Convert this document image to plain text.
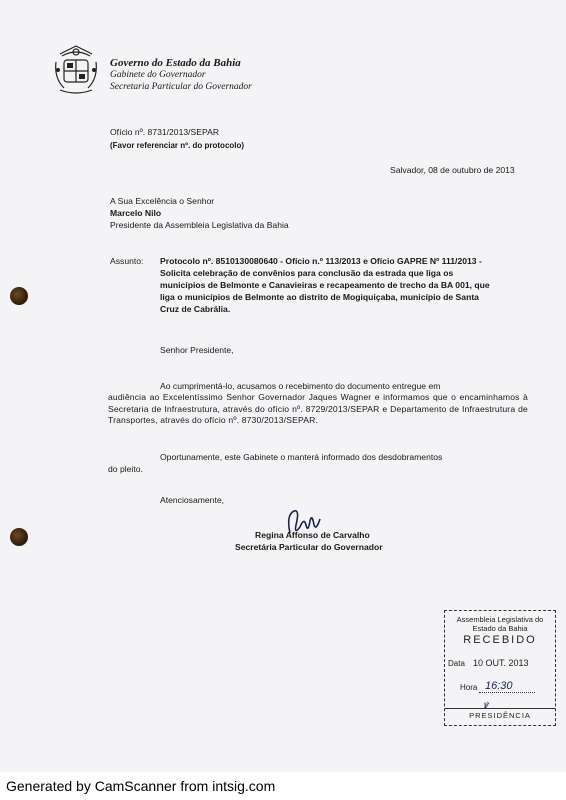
Governo do Estado da Bahia
Gabinete do Governador
Secretaria Particular do Governador
Ofício nº. 8731/2013/SEPAR
(Favor referenciar nº. do protocolo)
Salvador, 08 de outubro de 2013
A Sua Excelência o Senhor
Marcelo Nilo
Presidente da Assembleia Legislativa da Bahia
Assunto: Protocolo nº. 8510130080640 - Ofício n.º 113/2013 e Ofício GAPRE Nº 111/2013 -
Solicita celebração de convênios para conclusão da estrada que liga os
municípios de Belmonte e Canavieiras e recapeamento de trecho da BA 001, que
liga o municípios de Belmonte ao distrito de Mogiquiçaba, município de Santa
Cruz de Cabrália.
Senhor Presidente,
Ao cumprimentá-lo, acusamos o recebimento do documento entregue em
audiência ao Excelentíssimo Senhor Governador Jaques Wagner e informamos que o encaminhamos à Secretaria de Infraestrutura, através do ofício nº. 8729/2013/SEPAR e Departamento de Infraestrutura de Transportes, através do ofício nº. 8730/2013/SEPAR.
Oportunamente, este Gabinete o manterá informado dos desdobramentos
do pleito.
Atenciosamente,
Regina Affonso de Carvalho
Secretária Particular do Governador
Assembleia Legislativa do
Estado da Bahia
RECEBIDO
Data 10 OUT. 2013
Hora 16:30
ꝟ
PRESIDÊNCIA
Generated by CamScanner from intsig.com
